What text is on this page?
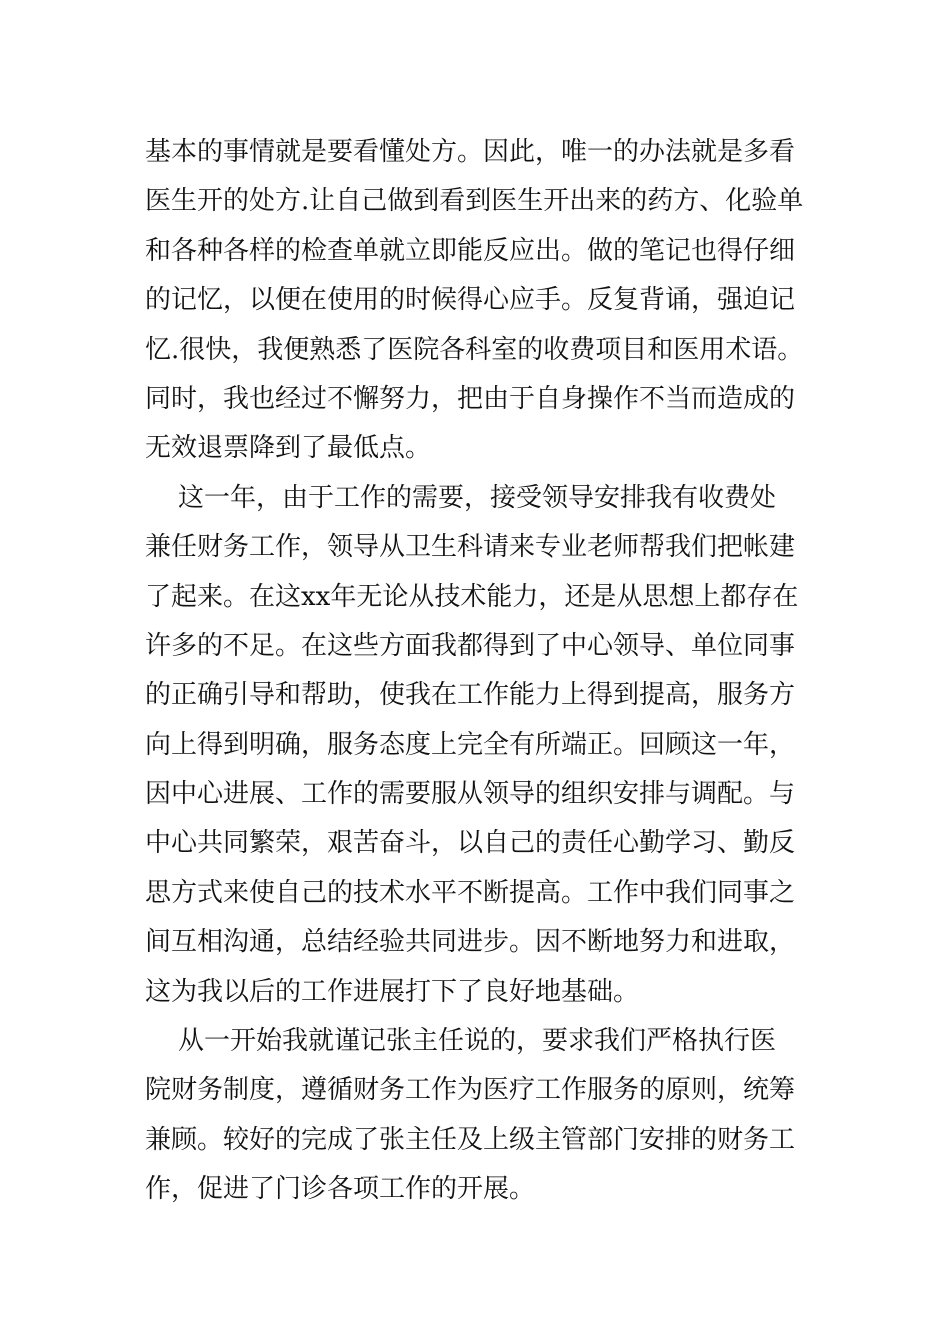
基本的事情就是要看懂处方。因此，唯一的办法就是多看
医生开的处方.让自己做到看到医生开出来的药方、化验单
和各种各样的检查单就立即能反应出。做的笔记也得仔细
的记忆，以便在使用的时候得心应手。反复背诵，强迫记
忆.很快，我便熟悉了医院各科室的收费项目和医用术语。
同时，我也经过不懈努力，把由于自身操作不当而造成的
无效退票降到了最低点。
这一年，由于工作的需要，接受领导安排我有收费处
兼任财务工作，领导从卫生科请来专业老师帮我们把帐建
了起来。在这xx年无论从技术能力，还是从思想上都存在
许多的不足。在这些方面我都得到了中心领导、单位同事
的正确引导和帮助，使我在工作能力上得到提高，服务方
向上得到明确，服务态度上完全有所端正。回顾这一年，
因中心进展、工作的需要服从领导的组织安排与调配。与
中心共同繁荣，艰苦奋斗，以自己的责任心勤学习、勤反
思方式来使自己的技术水平不断提高。工作中我们同事之
间互相沟通，总结经验共同进步。因不断地努力和进取，
这为我以后的工作进展打下了良好地基础。
从一开始我就谨记张主任说的，要求我们严格执行医
院财务制度，遵循财务工作为医疗工作服务的原则，统筹
兼顾。较好的完成了张主任及上级主管部门安排的财务工
作，促进了门诊各项工作的开展。
